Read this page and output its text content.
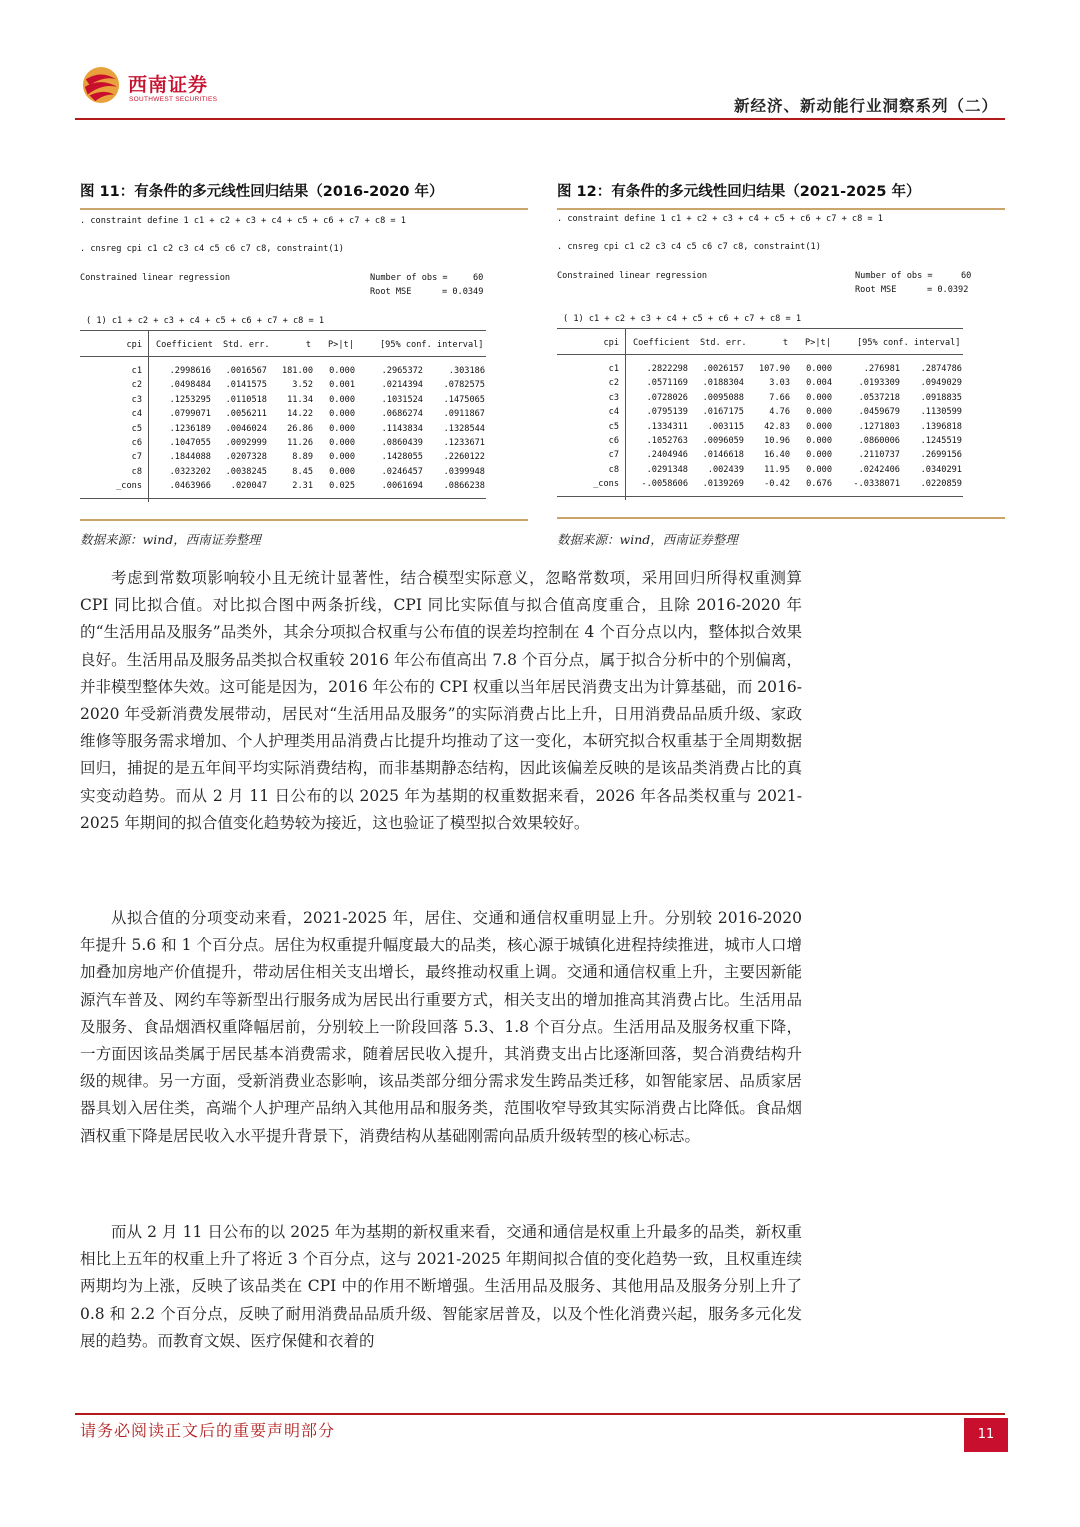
西南证券
SOUTHWEST SECURITIES	新经济、新动能行业洞察系列（二）
图 11：有条件的多元线性回归结果（2016-2020 年）
. constraint define 1 c1 + c2 + c3 + c4 + c5 + c6 + c7 + c8 = 1
. cnsreg cpi c1 c2 c3 c4 c5 c6 c7 c8, constraint(1)
Constrained linear regression	Number of obs =	60
Root MSE	= 0.0349
( 1) c1 + c2 + c3 + c4 + c5 + c6 + c7 + c8 = 1
cpi Coefficient Std. err.	t P>|t|	[95% conf. interval]
c1	.2998616 .0016567 181.00 0.000	.2965372	.303186
c2	.0498484 .0141575	3.52 0.001	.0214394 .0782575
c3	.1253295 .0110518 11.34 0.000	.1031524 .1475065
c4	.0799071 .0056211 14.22 0.000	.0686274 .0911867
c5	.1236189 .0046024 26.86 0.000	.1143834 .1328544
c6	.1047055 .0092999 11.26 0.000	.0860439 .1233671
c7	.1844088 .0207328	8.89 0.000	.1428055 .2260122
c8	.0323202 .0038245	8.45 0.000	.0246457 .0399948
_cons	.0463966 .020047	2.31 0.025	.0061694 .0866238
数据来源：wind，西南证券整理
图 12：有条件的多元线性回归结果（2021-2025 年）
. constraint define 1 c1 + c2 + c3 + c4 + c5 + c6 + c7 + c8 = 1
. cnsreg cpi c1 c2 c3 c4 c5 c6 c7 c8, constraint(1)
Constrained linear regression	Number of obs =	60
Root MSE	= 0.0392
( 1) c1 + c2 + c3 + c4 + c5 + c6 + c7 + c8 = 1
cpi Coefficient Std. err.	t P>|t|	[95% conf. interval]
c1	.2822298 .0026157 107.90 0.000	.276981 .2874786
c2	.0571169 .0188304	3.03 0.004	.0193309 .0949029
c3	.0728026 .0095088	7.66 0.000	.0537218 .0918835
c4	.0795139 .0167175	4.76 0.000	.0459679 .1130599
c5	.1334311 .003115 42.83 0.000	.1271803 .1396818
c6	.1052763 .0096059 10.96 0.000	.0860006 .1245519
c7	.2404946 .0146618 16.40 0.000	.2110737 .2699156
c8	.0291348 .002439 11.95 0.000	.0242406 .0340291
_cons	-.0058606 .0139269 -0.42 0.676 -.0338071 .0220859
数据来源：wind，西南证券整理

考虑到常数项影响较小且无统计显著性，结合模型实际意义，忽略常数项，采用回归所得权重测算 CPI 同比拟合值。对比拟合图中两条折线，CPI 同比实际值与拟合值高度重合，且除 2016-2020 年的“生活用品及服务”品类外，其余分项拟合权重与公布值的误差均控制在 4 个百分点以内，整体拟合效果良好。生活用品及服务品类拟合权重较 2016 年公布值高出 7.8 个百分点，属于拟合分析中的个别偏离，并非模型整体失效。这可能是因为，2016 年公布的 CPI 权重以当年居民消费支出为计算基础，而 2016-2020 年受新消费发展带动，居民对“生活用品及服务”的实际消费占比上升，日用消费品品质升级、家政维修等服务需求增加、个人护理类用品消费占比提升均推动了这一变化，本研究拟合权重基于全周期数据回归，捕捉的是五年间平均实际消费结构，而非基期静态结构，因此该偏差反映的是该品类消费占比的真实变动趋势。而从 2 月 11 日公布的以 2025 年为基期的权重数据来看，2026 年各品类权重与 2021-2025 年期间的拟合值变化趋势较为接近，这也验证了模型拟合效果较好。

从拟合值的分项变动来看，2021-2025 年，居住、交通和通信权重明显上升。分别较 2016-2020 年提升 5.6 和 1 个百分点。居住为权重提升幅度最大的品类，核心源于城镇化进程持续推进，城市人口增加叠加房地产价值提升，带动居住相关支出增长，最终推动权重上调。交通和通信权重上升，主要因新能源汽车普及、网约车等新型出行服务成为居民出行重要方式，相关支出的增加推高其消费占比。生活用品及服务、食品烟酒权重降幅居前，分别较上一阶段回落 5.3、1.8 个百分点。生活用品及服务权重下降，一方面因该品类属于居民基本消费需求，随着居民收入提升，其消费支出占比逐渐回落，契合消费结构升级的规律。另一方面，受新消费业态影响，该品类部分细分需求发生跨品类迁移，如智能家居、品质家居器具划入居住类，高端个人护理产品纳入其他用品和服务类，范围收窄导致其实际消费占比降低。食品烟酒权重下降是居民收入水平提升背景下，消费结构从基础刚需向品质升级转型的核心标志。

而从 2 月 11 日公布的以 2025 年为基期的新权重来看，交通和通信是权重上升最多的品类，新权重相比上五年的权重上升了将近 3 个百分点，这与 2021-2025 年期间拟合值的变化趋势一致，且权重连续两期均为上涨，反映了该品类在 CPI 中的作用不断增强。生活用品及服务、其他用品及服务分别上升了 0.8 和 2.2 个百分点，反映了耐用消费品品质升级、智能家居普及，以及个性化消费兴起，服务多元化发展的趋势。而教育文娱、医疗保健和衣着的

请务必阅读正文后的重要声明部分	11
